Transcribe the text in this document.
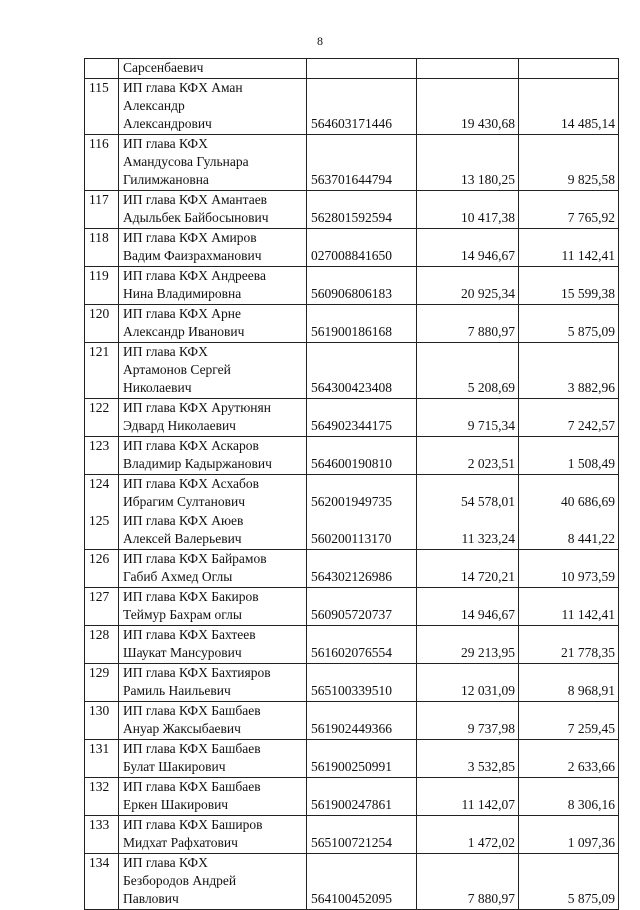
8

	Сарсенбаевич			

115	ИП глава КФХ Аман
Александр
Александрович	564603171446	19 430,68	14 485,14
116	ИП глава КФХ
Амандусова Гульнара
Гилимжановна	563701644794	13 180,25	9 825,58
117	ИП глава КФХ Амантаев
Адыльбек Байбосынович	562801592594	10 417,38	7 765,92
118	ИП глава КФХ Амиров
Вадим Фаизрахманович	027008841650	14 946,67	11 142,41
119	ИП глава КФХ Андреева
Нина Владимировна	560906806183	20 925,34	15 599,38
120	ИП глава КФХ Арне
Александр Иванович	561900186168	7 880,97	5 875,09
121	ИП глава КФХ
Артамонов Сергей
Николаевич	564300423408	5 208,69	3 882,96
122	ИП глава КФХ Арутюнян
Эдвард Николаевич	564902344175	9 715,34	7 242,57
123	ИП глава КФХ Аскаров
Владимир Кадыржанович	564600190810	2 023,51	1 508,49
124	ИП глава КФХ Асхабов
Ибрагим Султанович	562001949735	54 578,01	40 686,69
125	ИП глава КФХ Аюев
Алексей Валерьевич	560200113170	11 323,24	8 441,22
126	ИП глава КФХ Байрамов
Габиб Ахмед Оглы	564302126986	14 720,21	10 973,59
127	ИП глава КФХ Бакиров
Теймур Бахрам оглы	560905720737	14 946,67	11 142,41
128	ИП глава КФХ Бахтеев
Шаукат Мансурович	561602076554	29 213,95	21 778,35
129	ИП глава КФХ Бахтияров
Рамиль Наильевич	565100339510	12 031,09	8 968,91
130	ИП глава КФХ Башбаев
Ануар Жаксыбаевич	561902449366	9 737,98	7 259,45
131	ИП глава КФХ Башбаев
Булат Шакирович	561900250991	3 532,85	2 633,66
132	ИП глава КФХ Башбаев
Еркен Шакирович	561900247861	11 142,07	8 306,16
133	ИП глава КФХ Баширов
Мидхат Рафхатович	565100721254	1 472,02	1 097,36
134	ИП глава КФХ
Безбородов Андрей
Павлович	564100452095	7 880,97	5 875,09
